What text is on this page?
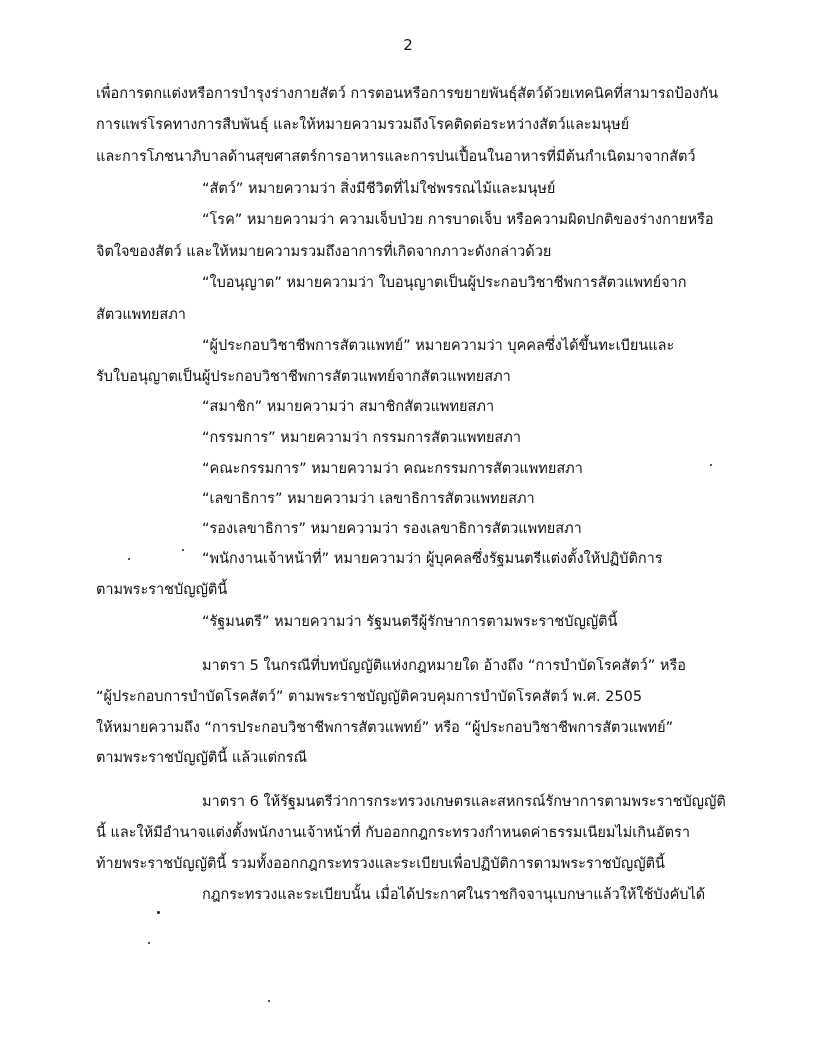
2
เพื่อการตกแต่งหรือการบำรุงร่างกายสัตว์ การตอนหรือการขยายพันธุ์สัตว์ด้วยเทคนิคที่สามารถป้องกัน
การแพร่โรคทางการสืบพันธุ์ และให้หมายความรวมถึงโรคติดต่อระหว่างสัตว์และมนุษย์
และการโภชนาภิบาลด้านสุขศาสตร์การอาหารและการปนเปื้อนในอาหารที่มีต้นกำเนิดมาจากสัตว์
“สัตว์” หมายความว่า สิ่งมีชีวิตที่ไม่ใช่พรรณไม้และมนุษย์
“โรค” หมายความว่า ความเจ็บป่วย การบาดเจ็บ หรือความผิดปกติของร่างกายหรือ
จิตใจของสัตว์ และให้หมายความรวมถึงอาการที่เกิดจากภาวะดังกล่าวด้วย
“ใบอนุญาต” หมายความว่า ใบอนุญาตเป็นผู้ประกอบวิชาชีพการสัตวแพทย์จาก
สัตวแพทยสภา
“ผู้ประกอบวิชาชีพการสัตวแพทย์” หมายความว่า บุคคลซึ่งได้ขึ้นทะเบียนและ
รับใบอนุญาตเป็นผู้ประกอบวิชาชีพการสัตวแพทย์จากสัตวแพทยสภา
“สมาชิก” หมายความว่า สมาชิกสัตวแพทยสภา
“กรรมการ” หมายความว่า กรรมการสัตวแพทยสภา
“คณะกรรมการ” หมายความว่า คณะกรรมการสัตวแพทยสภา
“เลขาธิการ” หมายความว่า เลขาธิการสัตวแพทยสภา
“รองเลขาธิการ” หมายความว่า รองเลขาธิการสัตวแพทยสภา
“พนักงานเจ้าหน้าที่” หมายความว่า ผู้บุคคลซึ่งรัฐมนตรีแต่งตั้งให้ปฏิบัติการ
ตามพระราชบัญญัตินี้
“รัฐมนตรี” หมายความว่า รัฐมนตรีผู้รักษาการตามพระราชบัญญัตินี้
มาตรา 5 ในกรณีที่บทบัญญัติแห่งกฎหมายใด อ้างถึง “การบำบัดโรคสัตว์” หรือ
“ผู้ประกอบการบำบัดโรคสัตว์” ตามพระราชบัญญัติควบคุมการบำบัดโรคสัตว์ พ.ศ. 2505
ให้หมายความถึง “การประกอบวิชาชีพการสัตวแพทย์” หรือ “ผู้ประกอบวิชาชีพการสัตวแพทย์”
ตามพระราชบัญญัตินี้ แล้วแต่กรณี
มาตรา 6 ให้รัฐมนตรีว่าการกระทรวงเกษตรและสหกรณ์รักษาการตามพระราชบัญญัติ
นี้ และให้มีอำนาจแต่งตั้งพนักงานเจ้าหน้าที่ กับออกกฎกระทรวงกำหนดค่าธรรมเนียมไม่เกินอัตรา
ท้ายพระราชบัญญัตินี้ รวมทั้งออกกฎกระทรวงและระเบียบเพื่อปฏิบัติการตามพระราชบัญญัตินี้
กฎกระทรวงและระเบียบนั้น เมื่อได้ประกาศในราชกิจจานุเบกษาแล้วให้ใช้บังคับได้
